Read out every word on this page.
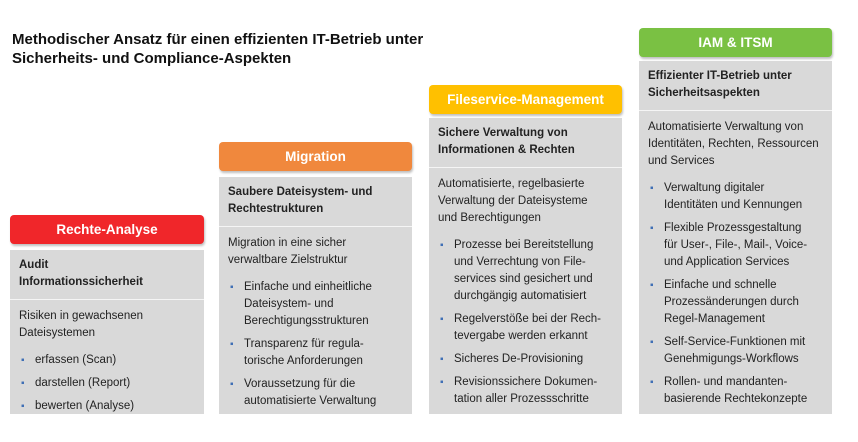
Methodischer Ansatz für einen effizienten IT-Betrieb unter
Sicherheits- und Compliance-Aspekten
Rechte-Analyse
Audit
Informationssicherheit
Risiken in gewachsenen
Dateisystemen
▪ erfassen (Scan)
▪ darstellen (Report)
▪ bewerten (Analyse)
Migration
Saubere Dateisystem- und
Rechtestrukturen
Migration in eine sicher
verwaltbare Zielstruktur
▪ Einfache und einheitliche
Dateisystem- und
Berechtigungsstrukturen
▪ Transparenz für regula-
torische Anforderungen
▪ Voraussetzung für die
automatisierte Verwaltung
Fileservice-Management
Sichere Verwaltung von
Informationen & Rechten
Automatisierte, regelbasierte
Verwaltung der Dateisysteme
und Berechtigungen
▪ Prozesse bei Bereitstellung
und Verrechtung von File-
services sind gesichert und
durchgängig automatisiert
▪ Regelverstöße bei der Rech-
tevergabe werden erkannt
▪ Sicheres De-Provisioning
▪ Revisionssichere Dokumen-
tation aller Prozessschritte
IAM & ITSM
Effizienter IT-Betrieb unter
Sicherheitsaspekten
Automatisierte Verwaltung von
Identitäten, Rechten, Ressourcen
und Services
▪ Verwaltung digitaler
Identitäten und Kennungen
▪ Flexible Prozessgestaltung
für User-, File-, Mail-, Voice-
und Application Services
▪ Einfache und schnelle
Prozessänderungen durch
Regel-Management
▪ Self-Service-Funktionen mit
Genehmigungs-Workflows
▪ Rollen- und mandanten-
basierende Rechtekonzepte
